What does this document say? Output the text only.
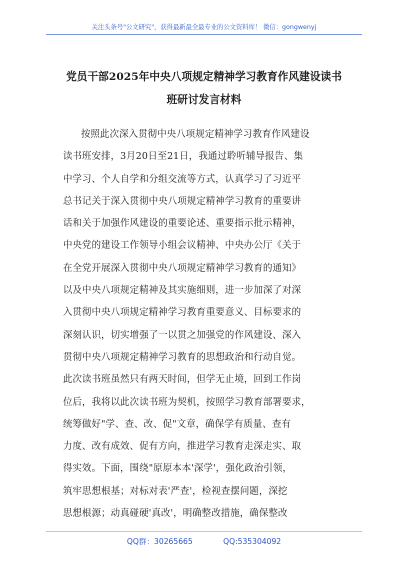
关注头条号"公文研究"，获得最新最全最专业的公文资料库！ 微信：gongwenyj
党员干部2025年中央八项规定精神学习教育作风建设读书
班研讨发言材料
按照此次深入贯彻中央八项规定精神学习教育作风建设
读书班安排，3月20日至21日，我通过聆听辅导报告、集
中学习、个人自学和分组交流等方式，认真学习了习近平
总书记关于深入贯彻中央八项规定精神学习教育的重要讲
话和关于加强作风建设的重要论述、重要指示批示精神，
中央党的建设工作领导小组会议精神、中央办公厅《关于
在全党开展深入贯彻中央八项规定精神学习教育的通知》
以及中央八项规定精神及其实施细则，进一步加深了对深
入贯彻中央八项规定精神学习教育重要意义、目标要求的
深刻认识，切实增强了一以贯之加强党的作风建设、深入
贯彻中央八项规定精神学习教育的思想政治和行动自觉。
此次读书班虽然只有两天时间，但学无止境，回到工作岗
位后，我将以此次读书班为契机，按照学习教育部署要求，
统筹做好"学、查、改、促"文章，确保学有质量、查有
力度、改有成效、促有方向，推进学习教育走深走实、取
得实效。下面，围绕"原原本本'深学'，强化政治引领，
筑牢思想根基；对标对表'严查'，检视查摆问题，深挖
思想根源；动真碰硬'真改'，明确整改措施，确保整改
QQ群：30265665	QQ:535304092
